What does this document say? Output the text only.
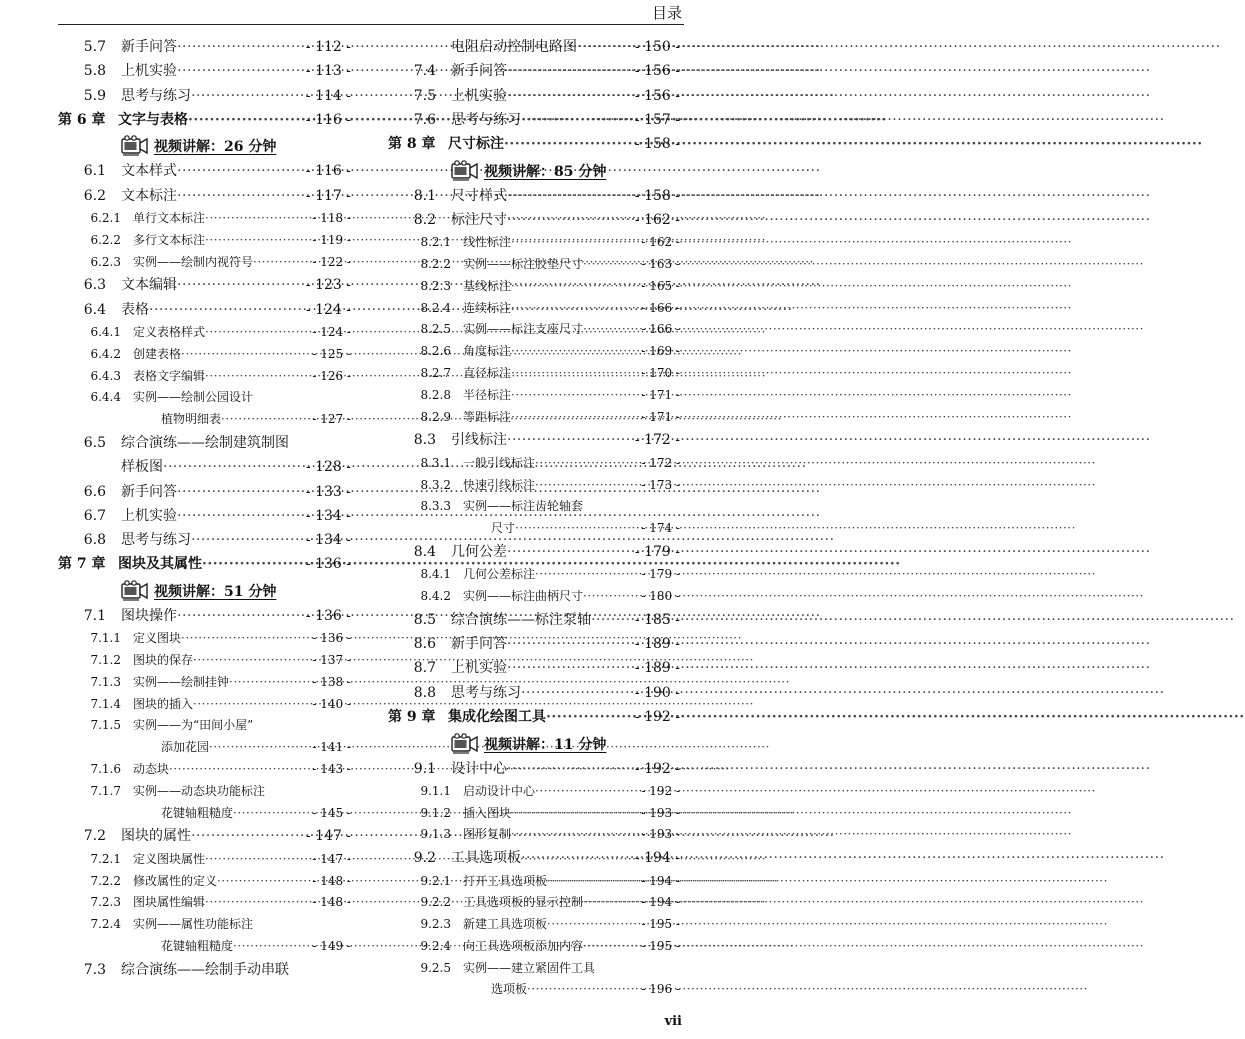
目录
5.7 新手问答 ·····	- 112 -
5.8 上机实验 ·····	- 113 -
5.9 思考与练习 ·····	- 114 -
第 6 章 文字与表格 ·····	- 116 -
视频讲解：26 分钟
6.1 文本样式 ·····	- 116 -
6.2 文本标注 ·····	- 117 -
6.2.1 单行文本标注 ·····	- 118 -
6.2.2 多行文本标注 ·····	- 119 -
6.2.3 实例——绘制内视符号 ·····	- 122 -
6.3 文本编辑 ·····	- 123 -
6.4 表格 ·····	- 124 -
6.4.1 定义表格样式 ·····	- 124 -
6.4.2 创建表格 ·····	- 125 -
6.4.3 表格文字编辑 ·····	- 126 -
6.4.4 实例——绘制公园设计
植物明细表 ·····	- 127 -
6.5 综合演练——绘制建筑制图
样板图 ·····	- 128 -
6.6 新手问答 ·····	- 133 -
6.7 上机实验 ·····	- 134 -
6.8 思考与练习 ·····	- 134 -
第 7 章 图块及其属性 ·····	- 136 -
视频讲解：51 分钟
7.1 图块操作 ·····	- 136 -
7.1.1 定义图块 ·····	- 136 -
7.1.2 图块的保存 ·····	- 137 -
7.1.3 实例——绘制挂钟 ·····	- 138 -
7.1.4 图块的插入 ·····	- 140 -
7.1.5 实例——为“田间小屋”
添加花园 ·····	- 141 -
7.1.6 动态块 ·····	- 143 -
7.1.7 实例——动态块功能标注
花键轴粗糙度 ·····	- 145 -
7.2 图块的属性 ·····	- 147 -
7.2.1 定义图块属性 ·····	- 147 -
7.2.2 修改属性的定义 ·····	- 148 -
7.2.3 图块属性编辑 ·····	- 148 -
7.2.4 实例——属性功能标注
花键轴粗糙度 ·····	- 149 -
7.3 综合演练——绘制手动串联
电阻启动控制电路图 ·····	- 150 -
7.4 新手问答 ·····	- 156 -
7.5 上机实验 ·····	- 156 -
7.6 思考与练习 ·····	- 157 -
第 8 章 尺寸标注 ·····	- 158 -
视频讲解：85 分钟
8.1 尺寸样式 ·····	- 158 -
8.2 标注尺寸 ·····	- 162 -
8.2.1 线性标注 ·····	- 162 -
8.2.2 实例——标注胶垫尺寸 ·····	- 163 -
8.2.3 基线标注 ·····	- 165 -
8.2.4 连续标注 ·····	- 166 -
8.2.5 实例——标注支座尺寸 ·····	- 166 -
8.2.6 角度标注 ·····	- 169 -
8.2.7 直径标注 ·····	- 170 -
8.2.8 半径标注 ·····	- 171 -
8.2.9 等距标注 ·····	- 171 -
8.3 引线标注 ·····	- 172 -
8.3.1 一般引线标注 ·····	- 172 -
8.3.2 快速引线标注 ·····	- 173 -
8.3.3 实例——标注齿轮轴套
尺寸 ·····	- 174 -
8.4 几何公差 ·····	- 179 -
8.4.1 几何公差标注 ·····	- 179 -
8.4.2 实例——标注曲柄尺寸 ·····	- 180 -
8.5 综合演练——标注泵轴 ·····	- 185 -
8.6 新手问答 ·····	- 189 -
8.7 上机实验 ·····	- 189 -
8.8 思考与练习 ·····	- 190 -
第 9 章 集成化绘图工具 ·····	- 192 -
视频讲解：11 分钟
9.1 设计中心 ·····	- 192 -
9.1.1 启动设计中心 ·····	- 192 -
9.1.2 插入图块 ·····	- 193 -
9.1.3 图形复制 ·····	- 193 -
9.2 工具选项板 ·····	- 194 -
9.2.1 打开工具选项板 ·····	- 194 -
9.2.2 工具选项板的显示控制 ·····	- 194 -
9.2.3 新建工具选项板 ·····	- 195 -
9.2.4 向工具选项板添加内容 ·····	- 195 -
9.2.5 实例——建立紧固件工具
选项板 ·····	- 196 -
vii
